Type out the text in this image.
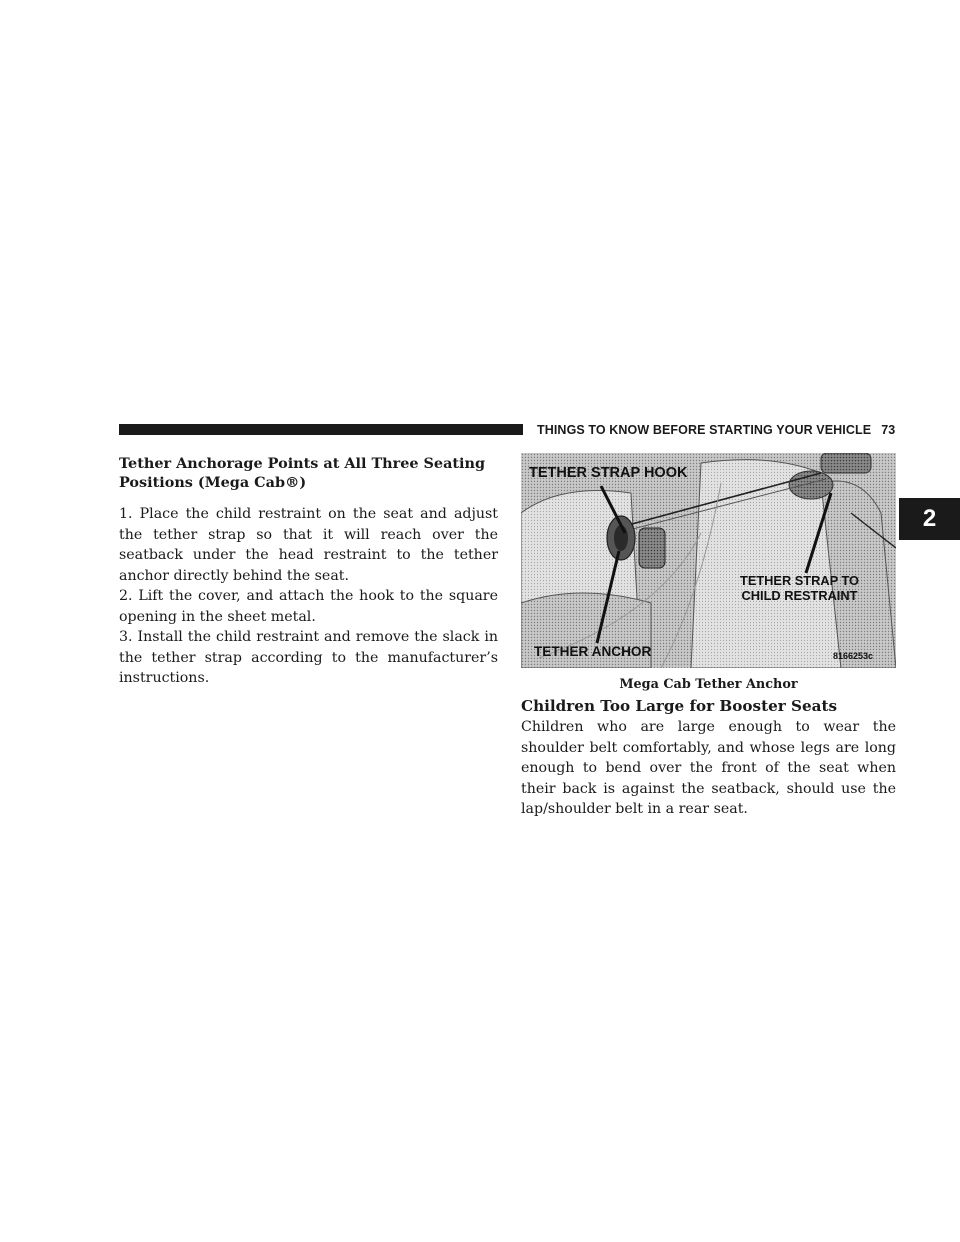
THINGS TO KNOW BEFORE STARTING YOUR VEHICLE 73
2
Tether Anchorage Points at All Three Seating
Positions (Mega Cab®)

1. Place the child restraint on the seat and adjust the tether strap so that it will reach over the seatback under the head restraint to the tether anchor directly behind the seat.

2. Lift the cover, and attach the hook to the square opening in the sheet metal.

3. Install the child restraint and remove the slack in the tether strap according to the manufacturer’s instructions.

TETHER STRAP HOOK
TETHER STRAP TO
CHILD RESTRAINT
TETHER ANCHOR	8166253c
Mega Cab Tether Anchor
Children Too Large for Booster Seats

Children who are large enough to wear the shoulder belt comfortably, and whose legs are long enough to bend over the front of the seat when their back is against the seatback, should use the lap/shoulder belt in a rear seat.
